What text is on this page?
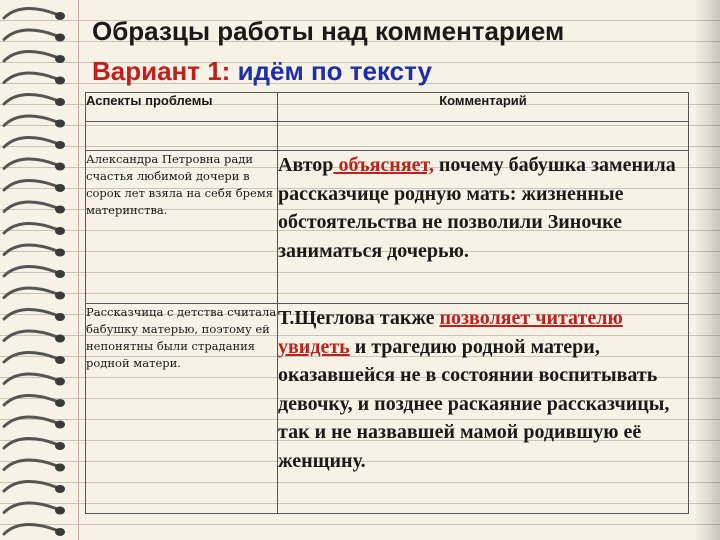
Образцы работы над комментарием
Вариант 1: идём по тексту
Аспекты проблемы	Комментарий

Александра Петровна ради счастья любимой дочери в сорок лет взяла на себя бремя материнства.	Автор объясняет, почему бабушка заменила рассказчице родную мать: жизненные обстоятельства не позволили Зиночке заниматься дочерью.
Рассказчица с детства считала бабушку матерью, поэтому ей непонятны были страдания родной матери.	Т.Щеглова также позволяет читателю увидеть и трагедию родной матери, оказавшейся не в состоянии воспитывать девочку, и позднее раскаяние рассказчицы, так и не назвавшей мамой родившую её женщину.
